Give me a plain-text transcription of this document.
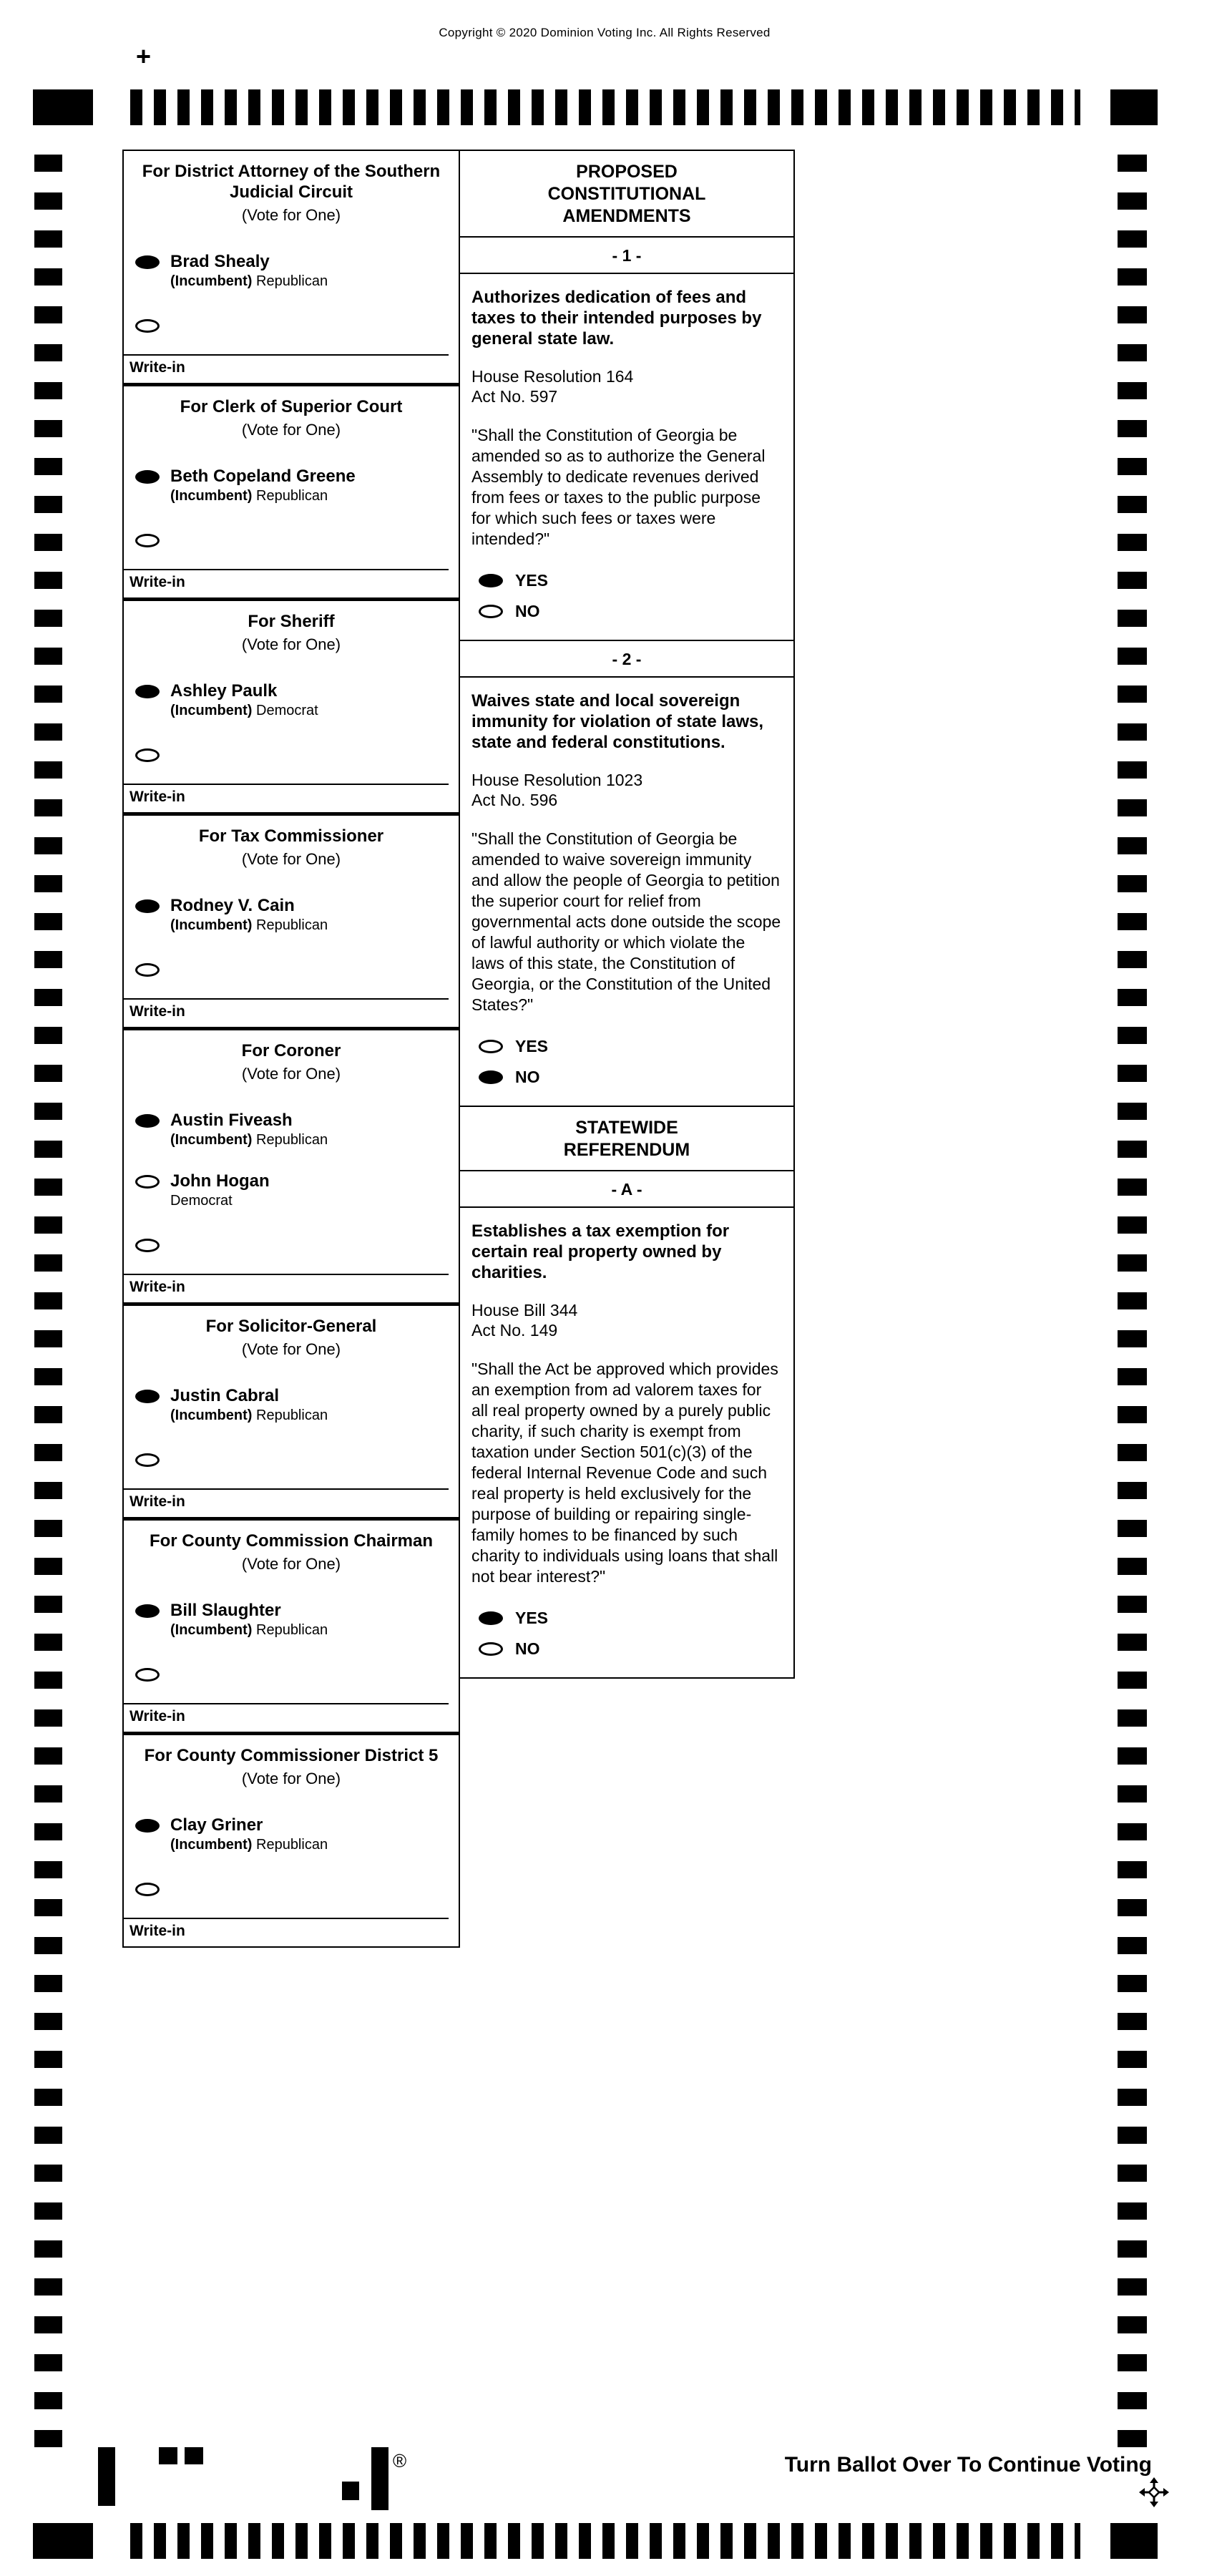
Copyright © 2020 Dominion Voting Inc. All Rights Reserved
+
For District Attorney of the Southern Judicial Circuit
(Vote for One)
Brad Shealy
(Incumbent) Republican
Write-in
For Clerk of Superior Court
(Vote for One)
Beth Copeland Greene
(Incumbent) Republican
Write-in
For Sheriff
(Vote for One)
Ashley Paulk
(Incumbent) Democrat
Write-in
For Tax Commissioner
(Vote for One)
Rodney V. Cain
(Incumbent) Republican
Write-in
For Coroner
(Vote for One)
Austin Fiveash
(Incumbent) Republican
John Hogan
Democrat
Write-in
For Solicitor-General
(Vote for One)
Justin Cabral
(Incumbent) Republican
Write-in
For County Commission Chairman
(Vote for One)
Bill Slaughter
(Incumbent) Republican
Write-in
For County Commissioner District 5
(Vote for One)
Clay Griner
(Incumbent) Republican
Write-in
PROPOSED
CONSTITUTIONAL
AMENDMENTS
- 1 -
Authorizes dedication of fees and taxes to their intended purposes by general state law.
House Resolution 164
Act No. 597
"Shall the Constitution of Georgia be amended so as to authorize the General Assembly to dedicate revenues derived from fees or taxes to the public purpose for which such fees or taxes were intended?"
YES
NO
- 2 -
Waives state and local sovereign immunity for violation of state laws, state and federal constitutions.
House Resolution 1023
Act No. 596
"Shall the Constitution of Georgia be amended to waive sovereign immunity and allow the people of Georgia to petition the superior court for relief from governmental acts done outside the scope of lawful authority or which violate the laws of this state, the Constitution of Georgia, or the Constitution of the United States?"
YES
NO
STATEWIDE
REFERENDUM
- A -
Establishes a tax exemption for certain real property owned by charities.
House Bill 344
Act No. 149
"Shall the Act be approved which provides an exemption from ad valorem taxes for all real property owned by a purely public charity, if such charity is exempt from taxation under Section 501(c)(3) of the federal Internal Revenue Code and such real property is held exclusively for the purpose of building or repairing single-family homes to be financed by such charity to individuals using loans that shall not bear interest?"
YES
NO
®	Turn Ballot Over To Continue Voting
